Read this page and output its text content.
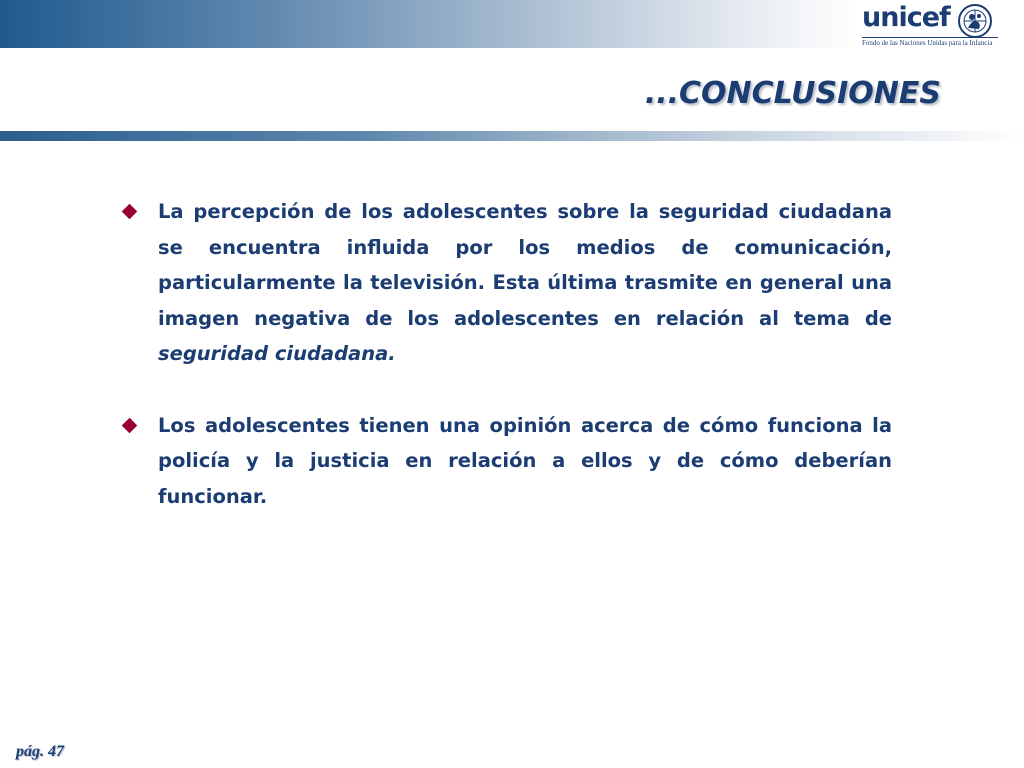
unicef
Fondo de las Naciones Unidas para la Infancia
...CONCLUSIONES

La percepción de los adolescentes sobre la seguridad ciudadana se encuentra influida por los medios de comunicación, particularmente la televisión. Esta última trasmite en general una imagen negativa de los adolescentes en relación al tema de seguridad ciudadana.

Los adolescentes tienen una opinión acerca de cómo funciona la policía y la justicia en relación a ellos y de cómo deberían funcionar.

pág. 47
